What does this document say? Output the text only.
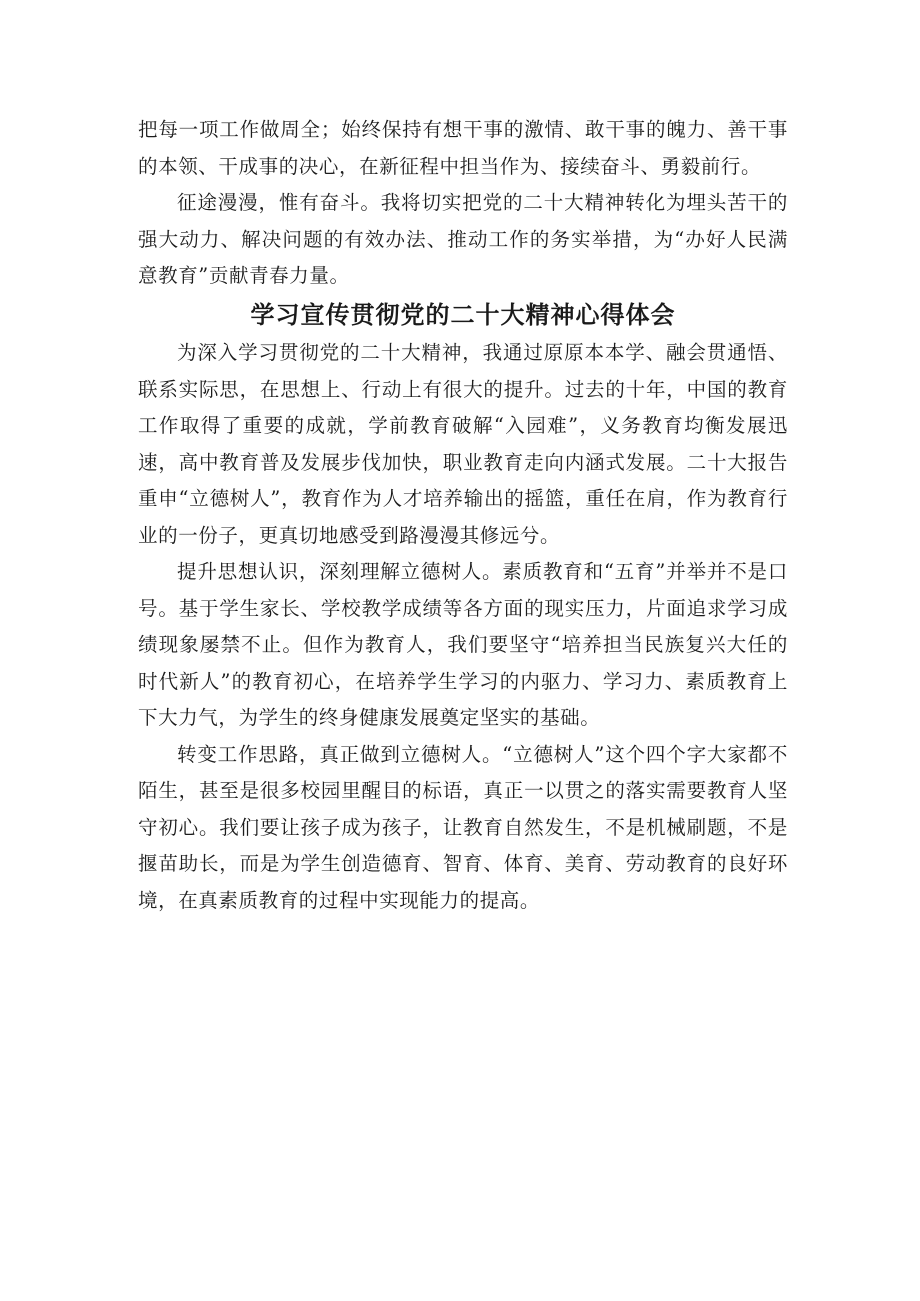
把每一项工作做周全；始终保持有想干事的激情、敢干事的魄力、善干事的本领、干成事的决心，在新征程中担当作为、接续奋斗、勇毅前行。

征途漫漫，惟有奋斗。我将切实把党的二十大精神转化为埋头苦干的强大动力、解决问题的有效办法、推动工作的务实举措，为“办好人民满意教育”贡献青春力量。

学习宣传贯彻党的二十大精神心得体会

为深入学习贯彻党的二十大精神，我通过原原本本学、融会贯通悟、联系实际思，在思想上、行动上有很大的提升。过去的十年，中国的教育工作取得了重要的成就，学前教育破解“入园难”，义务教育均衡发展迅速，高中教育普及发展步伐加快，职业教育走向内涵式发展。二十大报告重申“立德树人”，教育作为人才培养输出的摇篮，重任在肩，作为教育行业的一份子，更真切地感受到路漫漫其修远兮。

提升思想认识，深刻理解立德树人。素质教育和“五育”并举并不是口号。基于学生家长、学校教学成绩等各方面的现实压力，片面追求学习成绩现象屡禁不止。但作为教育人，我们要坚守“培养担当民族复兴大任的时代新人”的教育初心，在培养学生学习的内驱力、学习力、素质教育上下大力气，为学生的终身健康发展奠定坚实的基础。

转变工作思路，真正做到立德树人。“立德树人”这个四个字大家都不陌生，甚至是很多校园里醒目的标语，真正一以贯之的落实需要教育人坚守初心。我们要让孩子成为孩子，让教育自然发生，不是机械刷题，不是揠苗助长，而是为学生创造德育、智育、体育、美育、劳动教育的良好环境，在真素质教育的过程中实现能力的提高。
